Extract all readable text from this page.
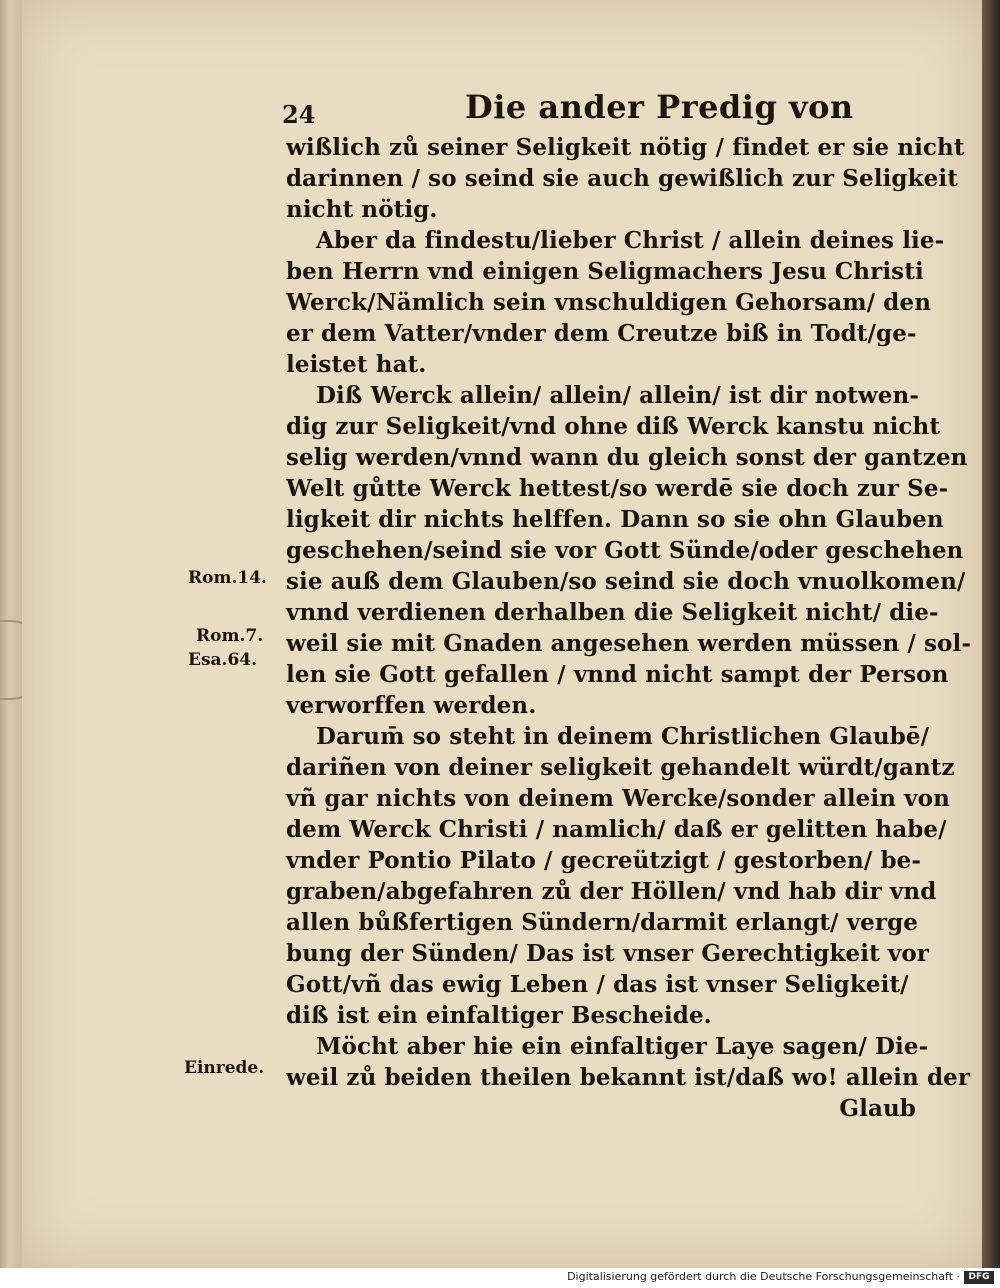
24	Die ander Predig von
wißlich zů seiner Seligkeit nötig / findet er sie nicht
darinnen / so seind sie auch gewißlich zur Seligkeit
nicht nötig.
Aber da findestu/lieber Christ / allein deines lie-
ben Herrn vnd einigen Seligmachers Jesu Christi
Werck/Nämlich sein vnschuldigen Gehorsam/ den
er dem Vatter/vnder dem Creutze biß in Todt/ge-
leistet hat.
Diß Werck allein/ allein/ allein/ ist dir notwen-
dig zur Seligkeit/vnd ohne diß Werck kanstu nicht
selig werden/vnnd wann du gleich sonst der gantzen
Welt gůtte Werck hettest/so werdē sie doch zur Se-
ligkeit dir nichts helffen. Dann so sie ohn Glauben
geschehen/seind sie vor Gott Sünde/oder geschehen
sie auß dem Glauben/so seind sie doch vnuolkomen/
vnnd verdienen derhalben die Seligkeit nicht/ die-
weil sie mit Gnaden angesehen werden müssen / sol-
len sie Gott gefallen / vnnd nicht sampt der Person
verworffen werden.
Darum̄ so steht in deinem Christlichen Glaubē/
dariñen von deiner seligkeit gehandelt würdt/gantz
vñ gar nichts von deinem Wercke/sonder allein von
dem Werck Christi / namlich/ daß er gelitten habe/
vnder Pontio Pilato / gecreützigt / gestorben/ be-
graben/abgefahren zů der Höllen/ vnd hab dir vnd
allen bůßfertigen Sündern/darmit erlangt/ verge
bung der Sünden/ Das ist vnser Gerechtigkeit vor
Gott/vñ das ewig Leben / das ist vnser Seligkeit/
diß ist ein einfaltiger Bescheide.
Möcht aber hie ein einfaltiger Laye sagen/ Die-
weil zů beiden theilen bekannt ist/daß wo! allein der
Glaub
Rom.14.
Rom.7.
Esa.64.
Einrede.
Digitalisierung gefördert durch die Deutsche Forschungsgemeinschaft · DFG
